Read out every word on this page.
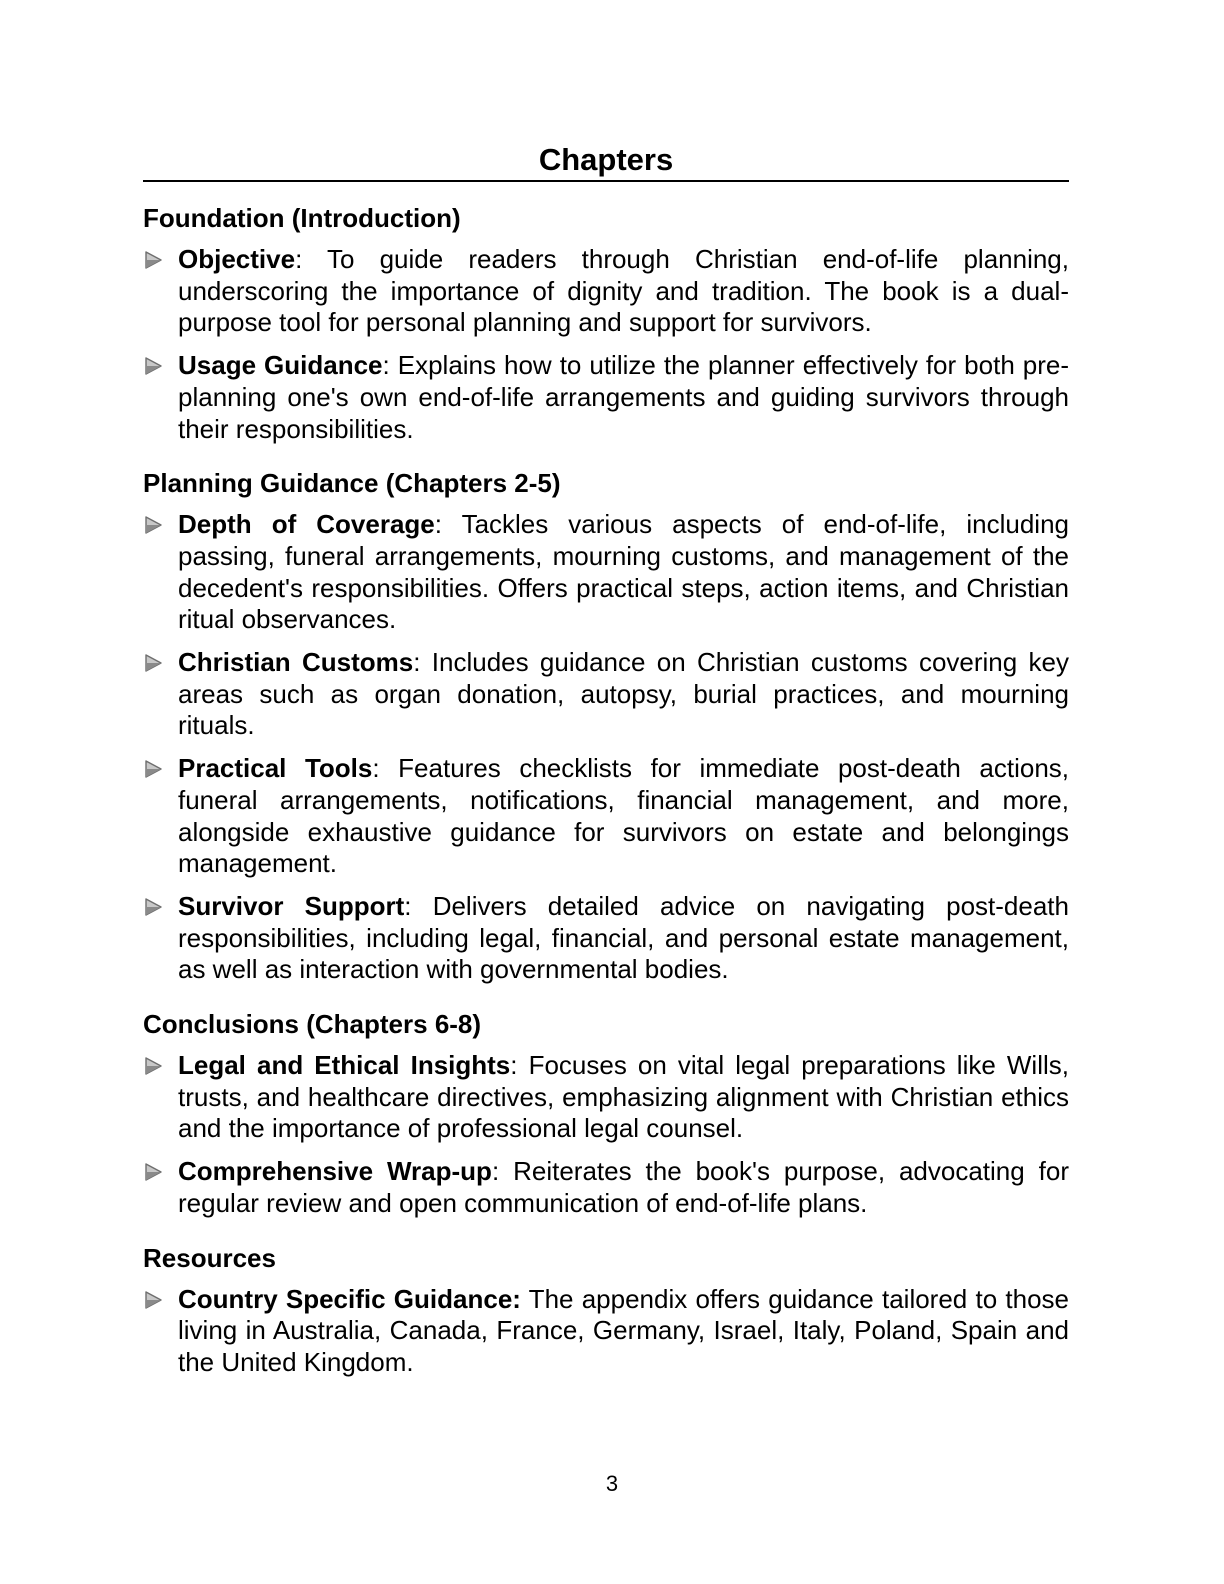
Chapters
Foundation (Introduction)
Objective: To guide readers through Christian end-of-life planning, underscoring the importance of dignity and tradition. The book is a dual-purpose tool for personal planning and support for survivors.
Usage Guidance: Explains how to utilize the planner effectively for both pre-planning one's own end-of-life arrangements and guiding survivors through their responsibilities.
Planning Guidance (Chapters 2-5)
Depth of Coverage: Tackles various aspects of end-of-life, including passing, funeral arrangements, mourning customs, and management of the decedent's responsibilities. Offers practical steps, action items, and Christian ritual observances.
Christian Customs: Includes guidance on Christian customs covering key areas such as organ donation, autopsy, burial practices, and mourning rituals.
Practical Tools: Features checklists for immediate post-death actions, funeral arrangements, notifications, financial management, and more, alongside exhaustive guidance for survivors on estate and belongings management.
Survivor Support: Delivers detailed advice on navigating post-death responsibilities, including legal, financial, and personal estate management, as well as interaction with governmental bodies.
Conclusions (Chapters 6-8)
Legal and Ethical Insights: Focuses on vital legal preparations like Wills, trusts, and healthcare directives, emphasizing alignment with Christian ethics and the importance of professional legal counsel.
Comprehensive Wrap-up: Reiterates the book's purpose, advocating for regular review and open communication of end-of-life plans.
Resources
Country Specific Guidance: The appendix offers guidance tailored to those living in Australia, Canada, France, Germany, Israel, Italy, Poland, Spain and the United Kingdom.
3
